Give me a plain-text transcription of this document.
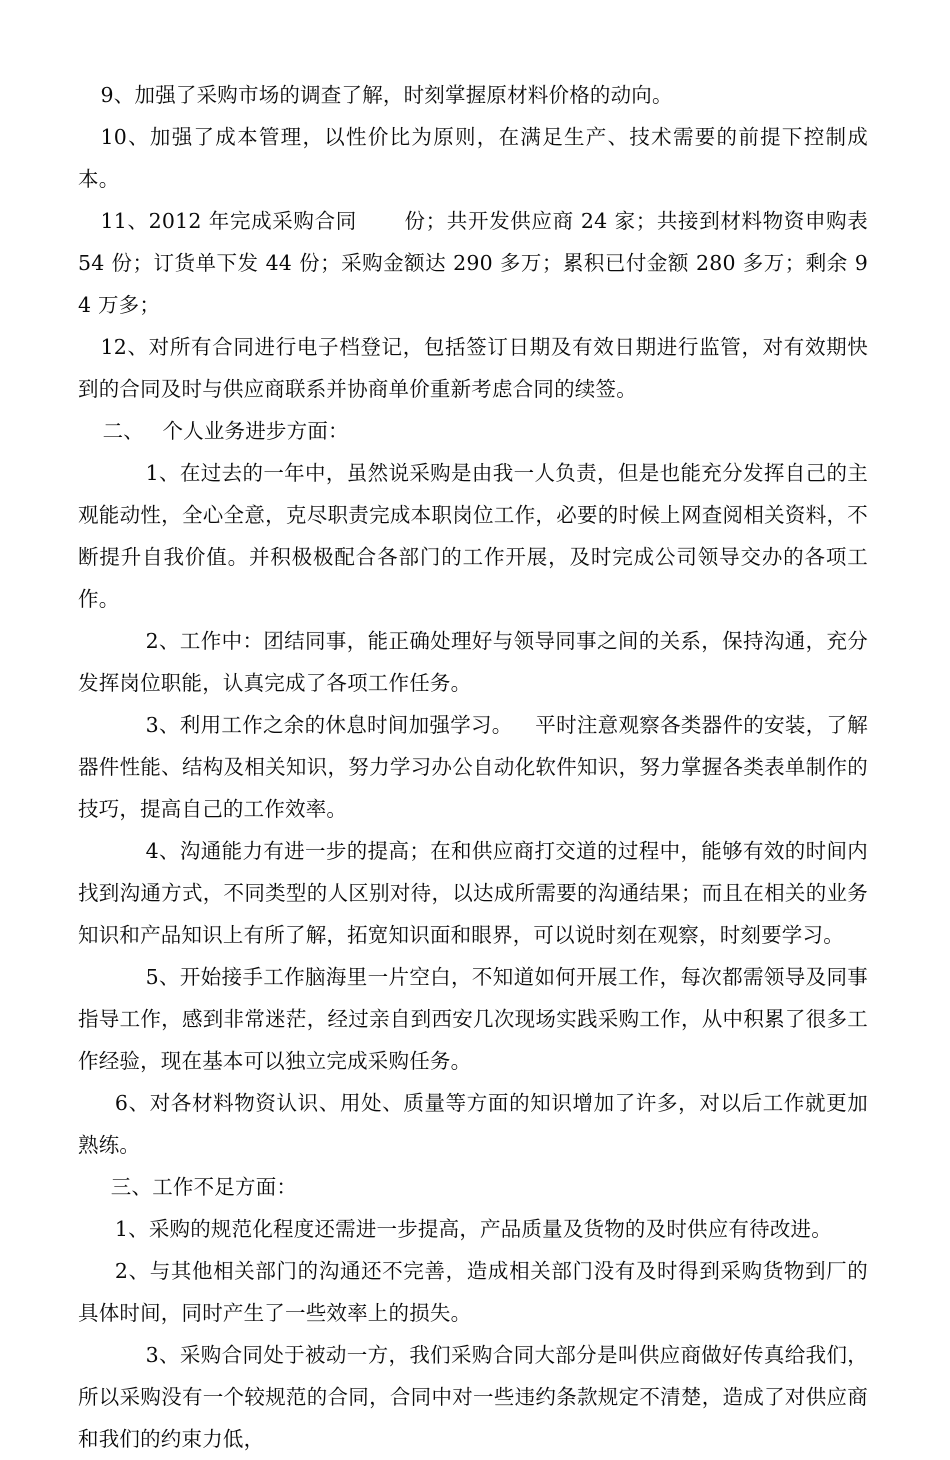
9、加强了采购市场的调查了解，时刻掌握原材料价格的动向。

10、加强了成本管理，以性价比为原则，在满足生产、技术需要的前提下控制成本。

11、2012 年完成采购合同 份；共开发供应商 24 家；共接到材料物资申购表 54 份；订货单下发 44 份；采购金额达 290 多万；累积已付金额 280 多万；剩余 94 万多；

12、对所有合同进行电子档登记，包括签订日期及有效日期进行监管，对有效期快到的合同及时与供应商联系并协商单价重新考虑合同的续签。

二、 个人业务进步方面：

1、在过去的一年中，虽然说采购是由我一人负责，但是也能充分发挥自己的主观能动性，全心全意，克尽职责完成本职岗位工作，必要的时候上网查阅相关资料，不断提升自我价值。并积极极配合各部门的工作开展，及时完成公司领导交办的各项工作。

2、工作中：团结同事，能正确处理好与领导同事之间的关系，保持沟通，充分发挥岗位职能，认真完成了各项工作任务。

3、利用工作之余的休息时间加强学习。 平时注意观察各类器件的安装，了解器件性能、结构及相关知识，努力学习办公自动化软件知识，努力掌握各类表单制作的技巧，提高自己的工作效率。

4、沟通能力有进一步的提高；在和供应商打交道的过程中，能够有效的时间内找到沟通方式，不同类型的人区别对待，以达成所需要的沟通结果；而且在相关的业务知识和产品知识上有所了解，拓宽知识面和眼界，可以说时刻在观察，时刻要学习。

5、开始接手工作脑海里一片空白，不知道如何开展工作，每次都需领导及同事指导工作，感到非常迷茫，经过亲自到西安几次现场实践采购工作，从中积累了很多工作经验，现在基本可以独立完成采购任务。

6、对各材料物资认识、用处、质量等方面的知识增加了许多，对以后工作就更加熟练。

三、工作不足方面：

1、采购的规范化程度还需进一步提高，产品质量及货物的及时供应有待改进。

2、与其他相关部门的沟通还不完善，造成相关部门没有及时得到采购货物到厂的具体时间，同时产生了一些效率上的损失。

3、采购合同处于被动一方，我们采购合同大部分是叫供应商做好传真给我们，所以采购没有一个较规范的合同，合同中对一些违约条款规定不清楚，造成了对供应商和我们的约束力低，
